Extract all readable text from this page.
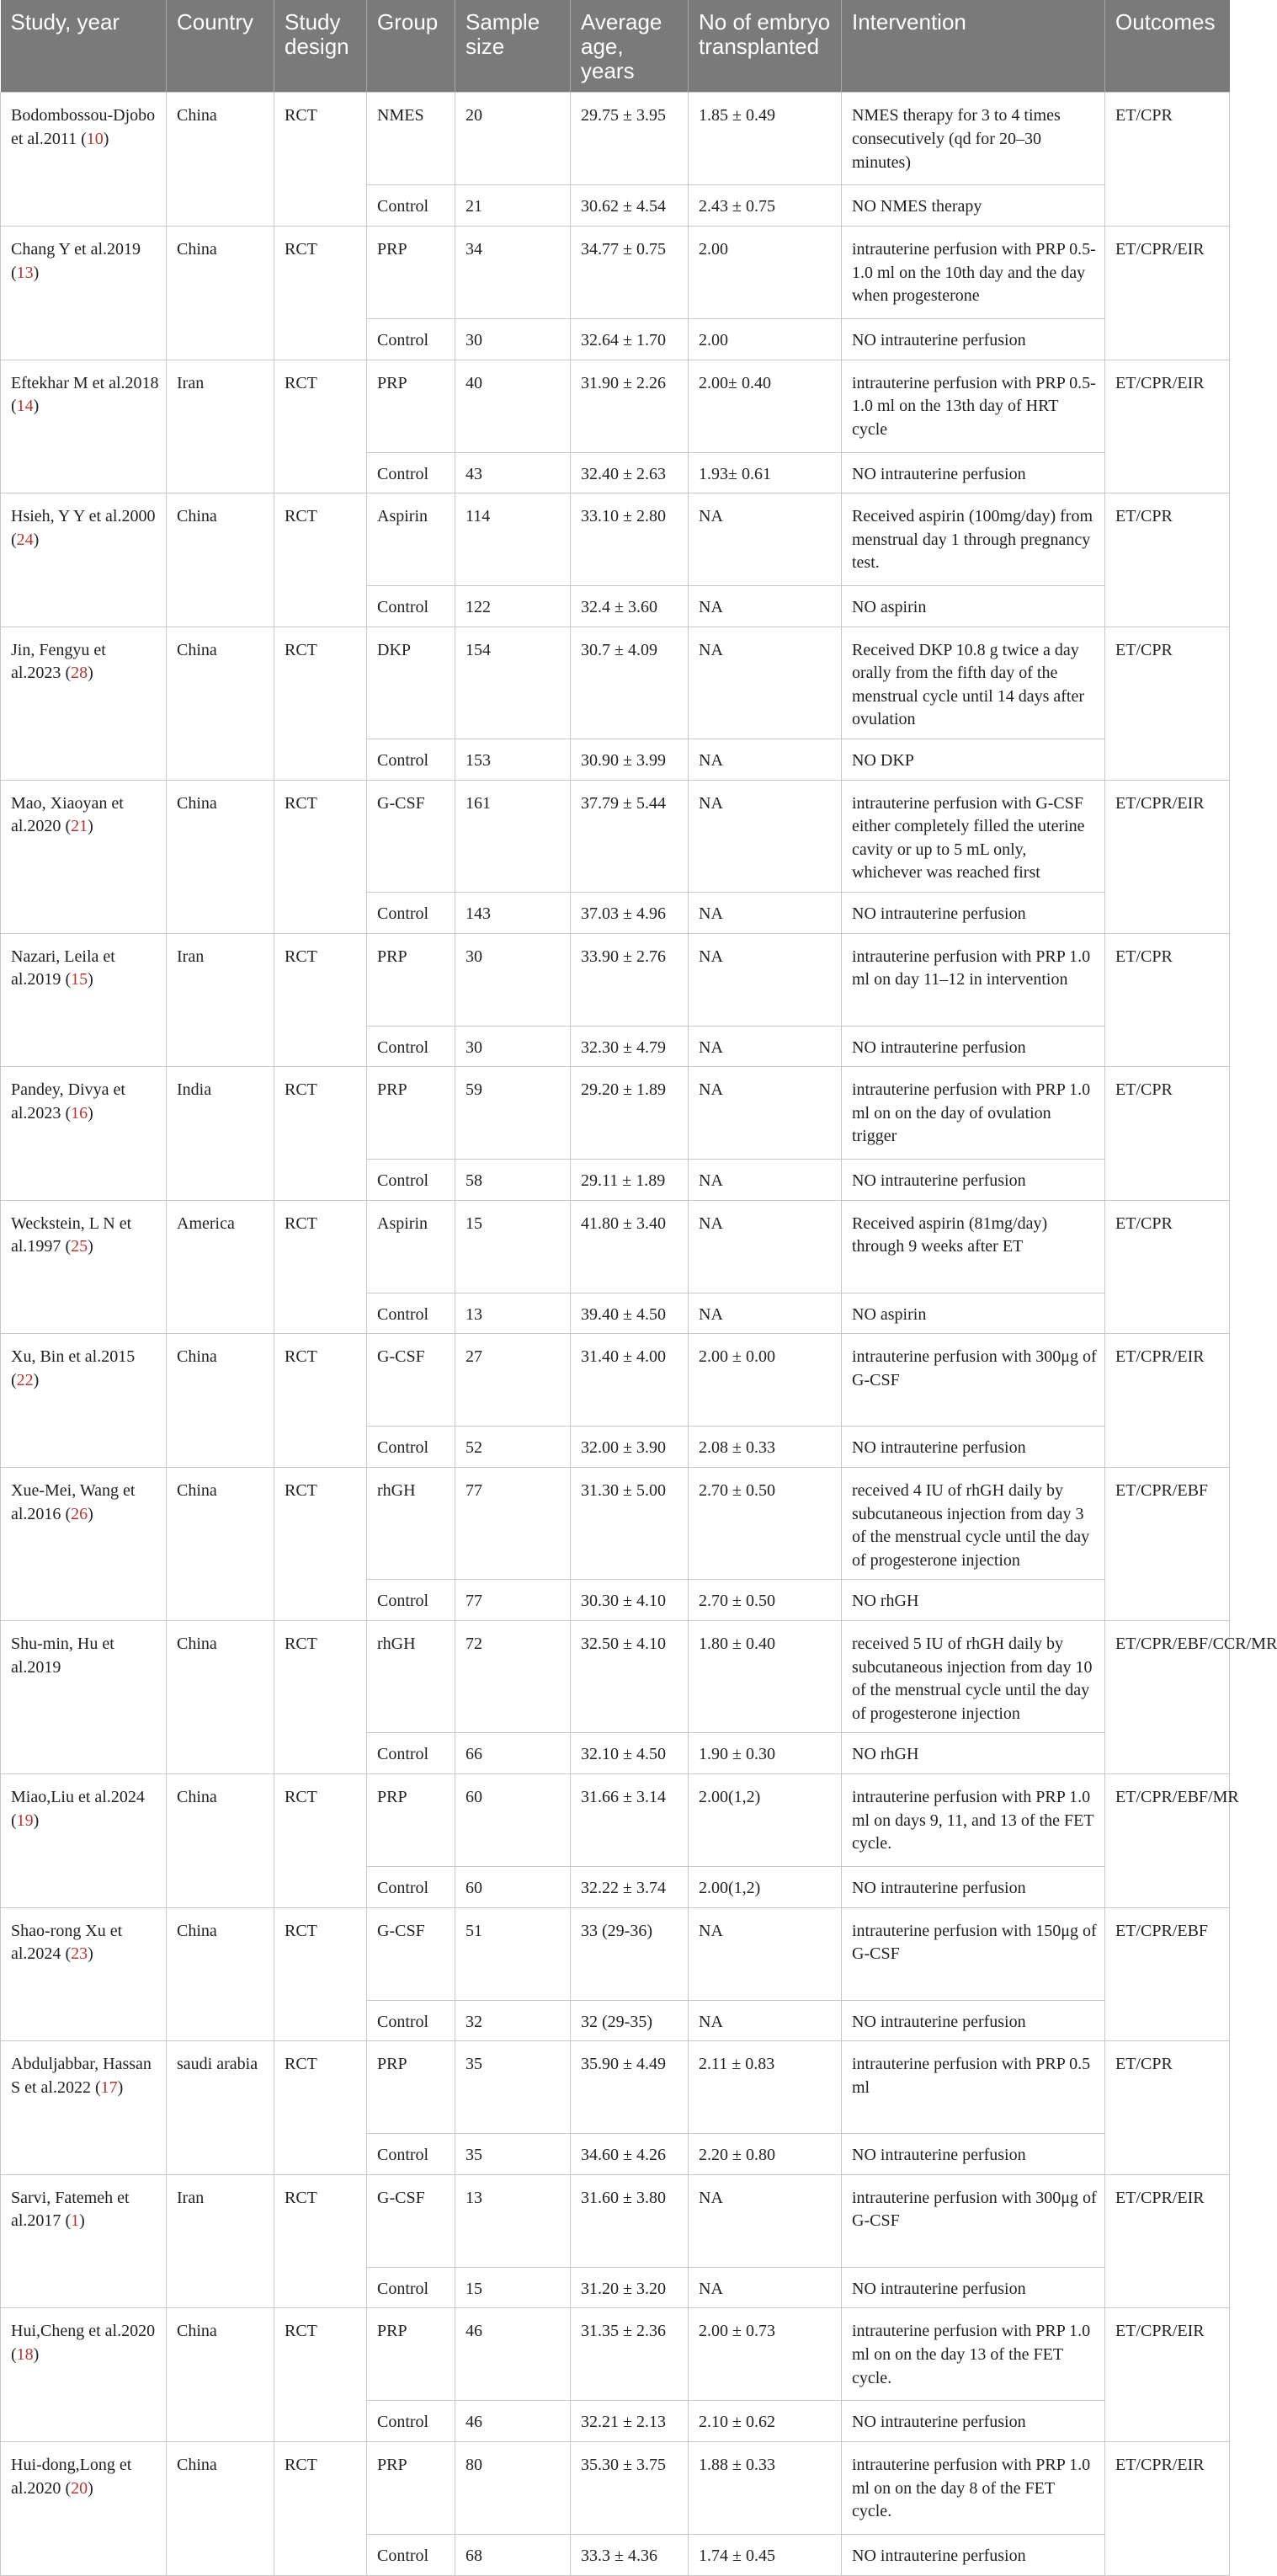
Study, year	Country	Study design	Group	Sample size	Average age, years	No of embryo transplanted	Intervention	Outcomes
Bodombossou-Djobo et al.2011 (10)	China	RCT	NMES	20	29.75 ± 3.95	1.85 ± 0.49	NMES therapy for 3 to 4 times consecutively (qd for 20–30 minutes)	ET/CPR
			Control	21	30.62 ± 4.54	2.43 ± 0.75	NO NMES therapy	
Chang Y et al.2019 (13)	China	RCT	PRP	34	34.77 ± 0.75	2.00	intrauterine perfusion with PRP 0.5-1.0 ml on the 10th day and the day when progesterone	ET/CPR/EIR
			Control	30	32.64 ± 1.70	2.00	NO intrauterine perfusion	
Eftekhar M et al.2018 (14)	Iran	RCT	PRP	40	31.90 ± 2.26	2.00± 0.40	intrauterine perfusion with PRP 0.5-1.0 ml on the 13th day of HRT cycle	ET/CPR/EIR
			Control	43	32.40 ± 2.63	1.93± 0.61	NO intrauterine perfusion	
Hsieh, Y Y et al.2000 (24)	China	RCT	Aspirin	114	33.10 ± 2.80	NA	Received aspirin (100mg/day) from menstrual day 1 through pregnancy test.	ET/CPR
			Control	122	32.4 ± 3.60	NA	NO aspirin	
Jin, Fengyu et al.2023 (28)	China	RCT	DKP	154	30.7 ± 4.09	NA	Received DKP 10.8 g twice a day orally from the fifth day of the menstrual cycle until 14 days after ovulation	ET/CPR
			Control	153	30.90 ± 3.99	NA	NO DKP	
Mao, Xiaoyan et al.2020 (21)	China	RCT	G-CSF	161	37.79 ± 5.44	NA	intrauterine perfusion with G-CSF either completely filled the uterine cavity or up to 5 mL only, whichever was reached first	ET/CPR/EIR
			Control	143	37.03 ± 4.96	NA	NO intrauterine perfusion	
Nazari, Leila et al.2019 (15)	Iran	RCT	PRP	30	33.90 ± 2.76	NA	intrauterine perfusion with PRP 1.0 ml on day 11–12 in intervention	ET/CPR
			Control	30	32.30 ± 4.79	NA	NO intrauterine perfusion	
Pandey, Divya et al.2023 (16)	India	RCT	PRP	59	29.20 ± 1.89	NA	intrauterine perfusion with PRP 1.0 ml on on the day of ovulation trigger	ET/CPR
			Control	58	29.11 ± 1.89	NA	NO intrauterine perfusion	
Weckstein, L N et al.1997 (25)	America	RCT	Aspirin	15	41.80 ± 3.40	NA	Received aspirin (81mg/day) through 9 weeks after ET	ET/CPR
			Control	13	39.40 ± 4.50	NA	NO aspirin	
Xu, Bin et al.2015 (22)	China	RCT	G-CSF	27	31.40 ± 4.00	2.00 ± 0.00	intrauterine perfusion with 300μg of G-CSF	ET/CPR/EIR
			Control	52	32.00 ± 3.90	2.08 ± 0.33	NO intrauterine perfusion	
Xue-Mei, Wang et al.2016 (26)	China	RCT	rhGH	77	31.30 ± 5.00	2.70 ± 0.50	received 4 IU of rhGH daily by subcutaneous injection from day 3 of the menstrual cycle until the day of progesterone injection	ET/CPR/EBF
			Control	77	30.30 ± 4.10	2.70 ± 0.50	NO rhGH	
Shu-min, Hu et al.2019	China	RCT	rhGH	72	32.50 ± 4.10	1.80 ± 0.40	received 5 IU of rhGH daily by subcutaneous injection from day 10 of the menstrual cycle until the day of progesterone injection	ET/CPR/EBF/CCR/MR
			Control	66	32.10 ± 4.50	1.90 ± 0.30	NO rhGH	
Miao,Liu et al.2024 (19)	China	RCT	PRP	60	31.66 ± 3.14	2.00(1,2)	intrauterine perfusion with PRP 1.0 ml on days 9, 11, and 13 of the FET cycle.	ET/CPR/EBF/MR
			Control	60	32.22 ± 3.74	2.00(1,2)	NO intrauterine perfusion	
Shao-rong Xu et al.2024 (23)	China	RCT	G-CSF	51	33 (29-36)	NA	intrauterine perfusion with 150μg of G-CSF	ET/CPR/EBF
			Control	32	32 (29-35)	NA	NO intrauterine perfusion	
Abduljabbar, Hassan S et al.2022 (17)	saudi arabia	RCT	PRP	35	35.90 ± 4.49	2.11 ± 0.83	intrauterine perfusion with PRP 0.5 ml	ET/CPR
			Control	35	34.60 ± 4.26	2.20 ± 0.80	NO intrauterine perfusion	
Sarvi, Fatemeh et al.2017 (1)	Iran	RCT	G-CSF	13	31.60 ± 3.80	NA	intrauterine perfusion with 300μg of G-CSF	ET/CPR/EIR
			Control	15	31.20 ± 3.20	NA	NO intrauterine perfusion	
Hui,Cheng et al.2020 (18)	China	RCT	PRP	46	31.35 ± 2.36	2.00 ± 0.73	intrauterine perfusion with PRP 1.0 ml on on the day 13 of the FET cycle.	ET/CPR/EIR
			Control	46	32.21 ± 2.13	2.10 ± 0.62	NO intrauterine perfusion	
Hui-dong,Long et al.2020 (20)	China	RCT	PRP	80	35.30 ± 3.75	1.88 ± 0.33	intrauterine perfusion with PRP 1.0 ml on on the day 8 of the FET cycle.	ET/CPR/EIR
			Control	68	33.3 ± 4.36	1.74 ± 0.45	NO intrauterine perfusion	
